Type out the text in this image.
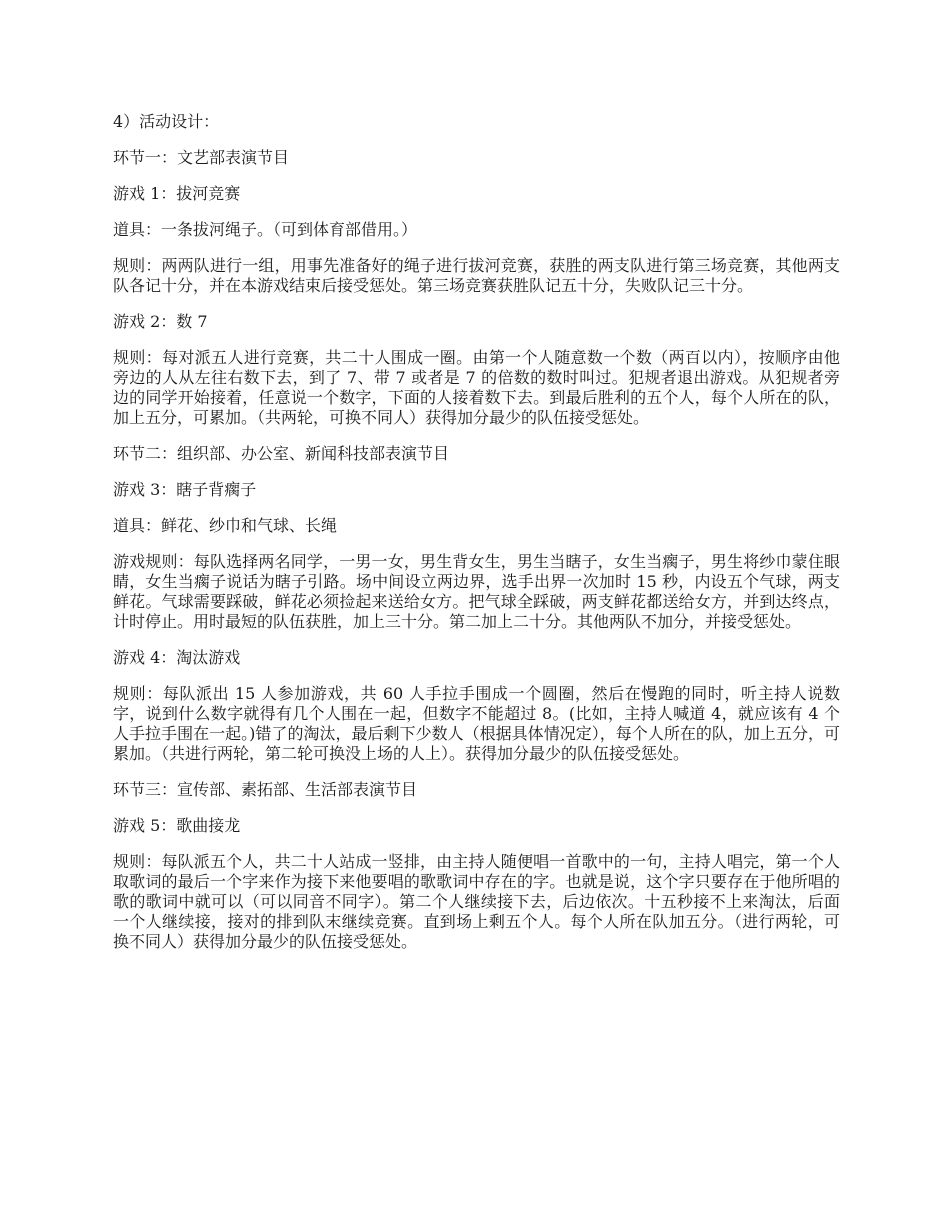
4）活动设计：

环节一：文艺部表演节目

游戏 1：拔河竞赛

道具：一条拔河绳子。（可到体育部借用。）

规则：两两队进行一组，用事先准备好的绳子进行拔河竞赛，获胜的两支队进行第三场竞赛，其他两支队各记十分，并在本游戏结束后接受惩处。第三场竞赛获胜队记五十分，失败队记三十分。

游戏 2：数 7

规则：每对派五人进行竞赛，共二十人围成一圈。由第一个人随意数一个数（两百以内），按顺序由他旁边的人从左往右数下去，到了 7、带 7 或者是 7 的倍数的数时叫过。犯规者退出游戏。从犯规者旁边的同学开始接着，任意说一个数字，下面的人接着数下去。到最后胜利的五个人，每个人所在的队，加上五分，可累加。（共两轮，可换不同人）获得加分最少的队伍接受惩处。

环节二：组织部、办公室、新闻科技部表演节目

游戏 3：瞎子背瘸子

道具：鲜花、纱巾和气球、长绳

游戏规则：每队选择两名同学，一男一女，男生背女生，男生当瞎子，女生当瘸子，男生将纱巾蒙住眼睛，女生当瘸子说话为瞎子引路。场中间设立两边界，选手出界一次加时 15 秒，内设五个气球，两支鲜花。气球需要踩破，鲜花必须捡起来送给女方。把气球全踩破，两支鲜花都送给女方，并到达终点，计时停止。用时最短的队伍获胜，加上三十分。第二加上二十分。其他两队不加分，并接受惩处。

游戏 4：淘汰游戏

规则：每队派出 15 人参加游戏，共 60 人手拉手围成一个圆圈，然后在慢跑的同时，听主持人说数字，说到什么数字就得有几个人围在一起，但数字不能超过 8。(比如，主持人喊道 4，就应该有 4 个人手拉手围在一起。)错了的淘汰，最后剩下少数人（根据具体情况定），每个人所在的队，加上五分，可累加。（共进行两轮，第二轮可换没上场的人上）。获得加分最少的队伍接受惩处。

环节三：宣传部、素拓部、生活部表演节目

游戏 5：歌曲接龙

规则：每队派五个人，共二十人站成一竖排，由主持人随便唱一首歌中的一句，主持人唱完，第一个人取歌词的最后一个字来作为接下来他要唱的歌歌词中存在的字。也就是说，这个字只要存在于他所唱的歌的歌词中就可以（可以同音不同字）。第二个人继续接下去，后边依次。十五秒接不上来淘汰，后面一个人继续接，接对的排到队末继续竞赛。直到场上剩五个人。每个人所在队加五分。（进行两轮，可换不同人）获得加分最少的队伍接受惩处。
